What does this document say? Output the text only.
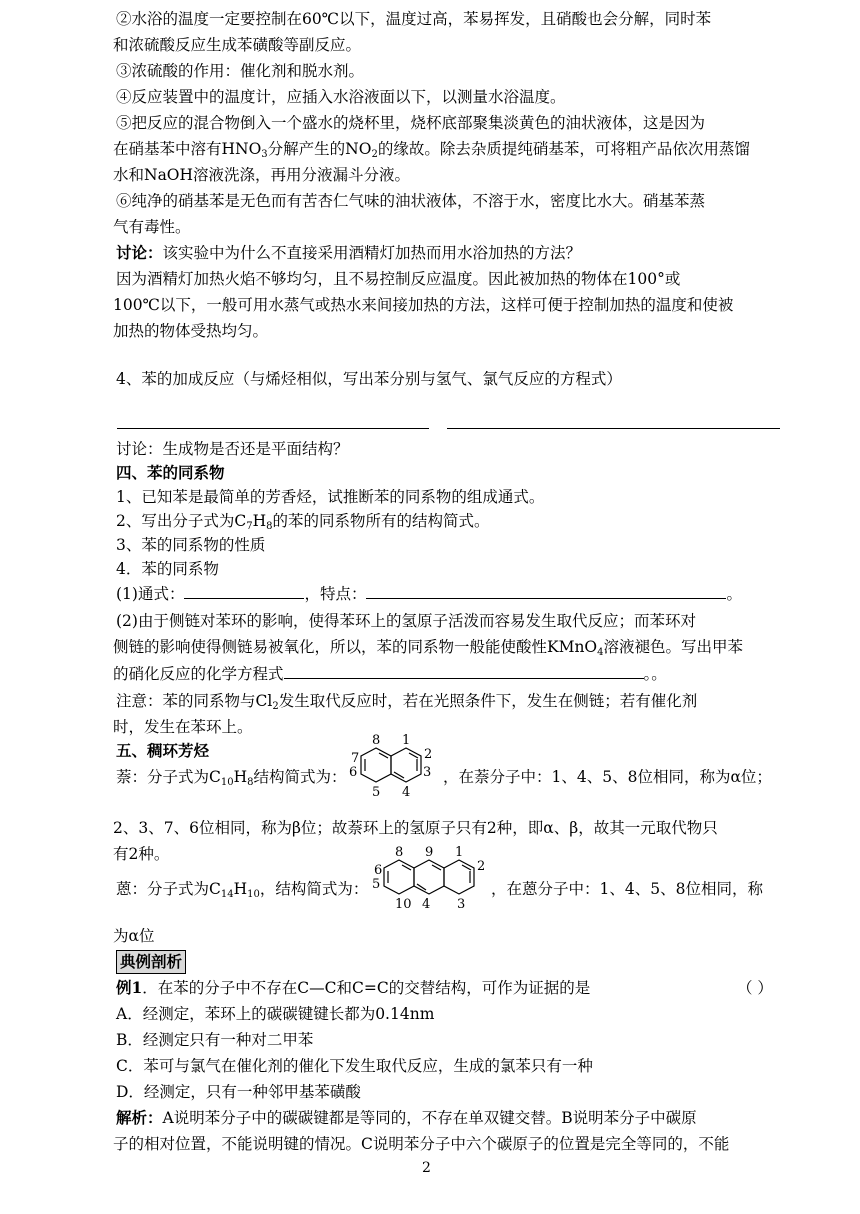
②水浴的温度一定要控制在60℃以下，温度过高，苯易挥发，且硝酸也会分解，同时苯
和浓硫酸反应生成苯磺酸等副反应。
③浓硫酸的作用：催化剂和脱水剂。
④反应装置中的温度计，应插入水浴液面以下，以测量水浴温度。
⑤把反应的混合物倒入一个盛水的烧杯里，烧杯底部聚集淡黄色的油状液体，这是因为
在硝基苯中溶有$HNO_3$分解产生的$NO_2$的缘故。除去杂质提纯硝基苯，可将粗产品依次用蒸馏
水和NaOH溶液洗涤，再用分液漏斗分液。
⑥纯净的硝基苯是无色而有苦杏仁气味的油状液体，不溶于水，密度比水大。硝基苯蒸
气有毒性。
讨论：该实验中为什么不直接采用酒精灯加热而用水浴加热的方法？
因为酒精灯加热火焰不够均匀，且不易控制反应温度。因此被加热的物体在100°或
100℃以下，一般可用水蒸气或热水来间接加热的方法，这样可便于控制加热的温度和使被
加热的物体受热均匀。
4、苯的加成反应（与烯烃相似，写出苯分别与氢气、氯气反应的方程式）
讨论：生成物是否还是平面结构？
四、苯的同系物
1、已知苯是最简单的芳香烃，试推断苯的同系物的组成通式。
2、写出分子式为$C_7H_8$的苯的同系物所有的结构简式。
3、苯的同系物的性质
4．苯的同系物
(1)通式：	，特点：	。
(2)由于侧链对苯环的影响，使得苯环上的氢原子活泼而容易发生取代反应；而苯环对
侧链的影响使得侧链易被氧化，所以，苯的同系物一般能使酸性KMnO$_4$溶液褪色。写出甲苯
的硝化反应的化学方程式	。。
注意：苯的同系物与$Cl_2$发生取代反应时，若在光照条件下，发生在侧链；若有催化剂
时，发生在苯环上。
五、稠环芳烃
萘：分子式为$C_{10}H_8$结构简式为：	，在萘分子中：1、4、5、8位相同，称为α位；
8 1
2
3
4
5
6
7
2、3、7、6位相同，称为β位；故萘环上的氢原子只有2种，即α、β，故其一元取代物只
有2种。
蒽：分子式为$C_{14}H_{10}$，结构简式为：	，在蒽分子中：1、4、5、8位相同，称
8 9 1
2
3
4
10
5
6
为α位
典例剖析
例1．在苯的分子中不存在C—C和C=C的交替结构，可作为证据的是	（ ）
A．经测定，苯环上的碳碳键键长都为0.14nm
B．经测定只有一种对二甲苯
C．苯可与氯气在催化剂的催化下发生取代反应，生成的氯苯只有一种
D．经测定，只有一种邻甲基苯磺酸
解析：A说明苯分子中的碳碳键都是等同的，不存在单双键交替。B说明苯分子中碳原
子的相对位置，不能说明键的情况。C说明苯分子中六个碳原子的位置是完全等同的，不能
2
